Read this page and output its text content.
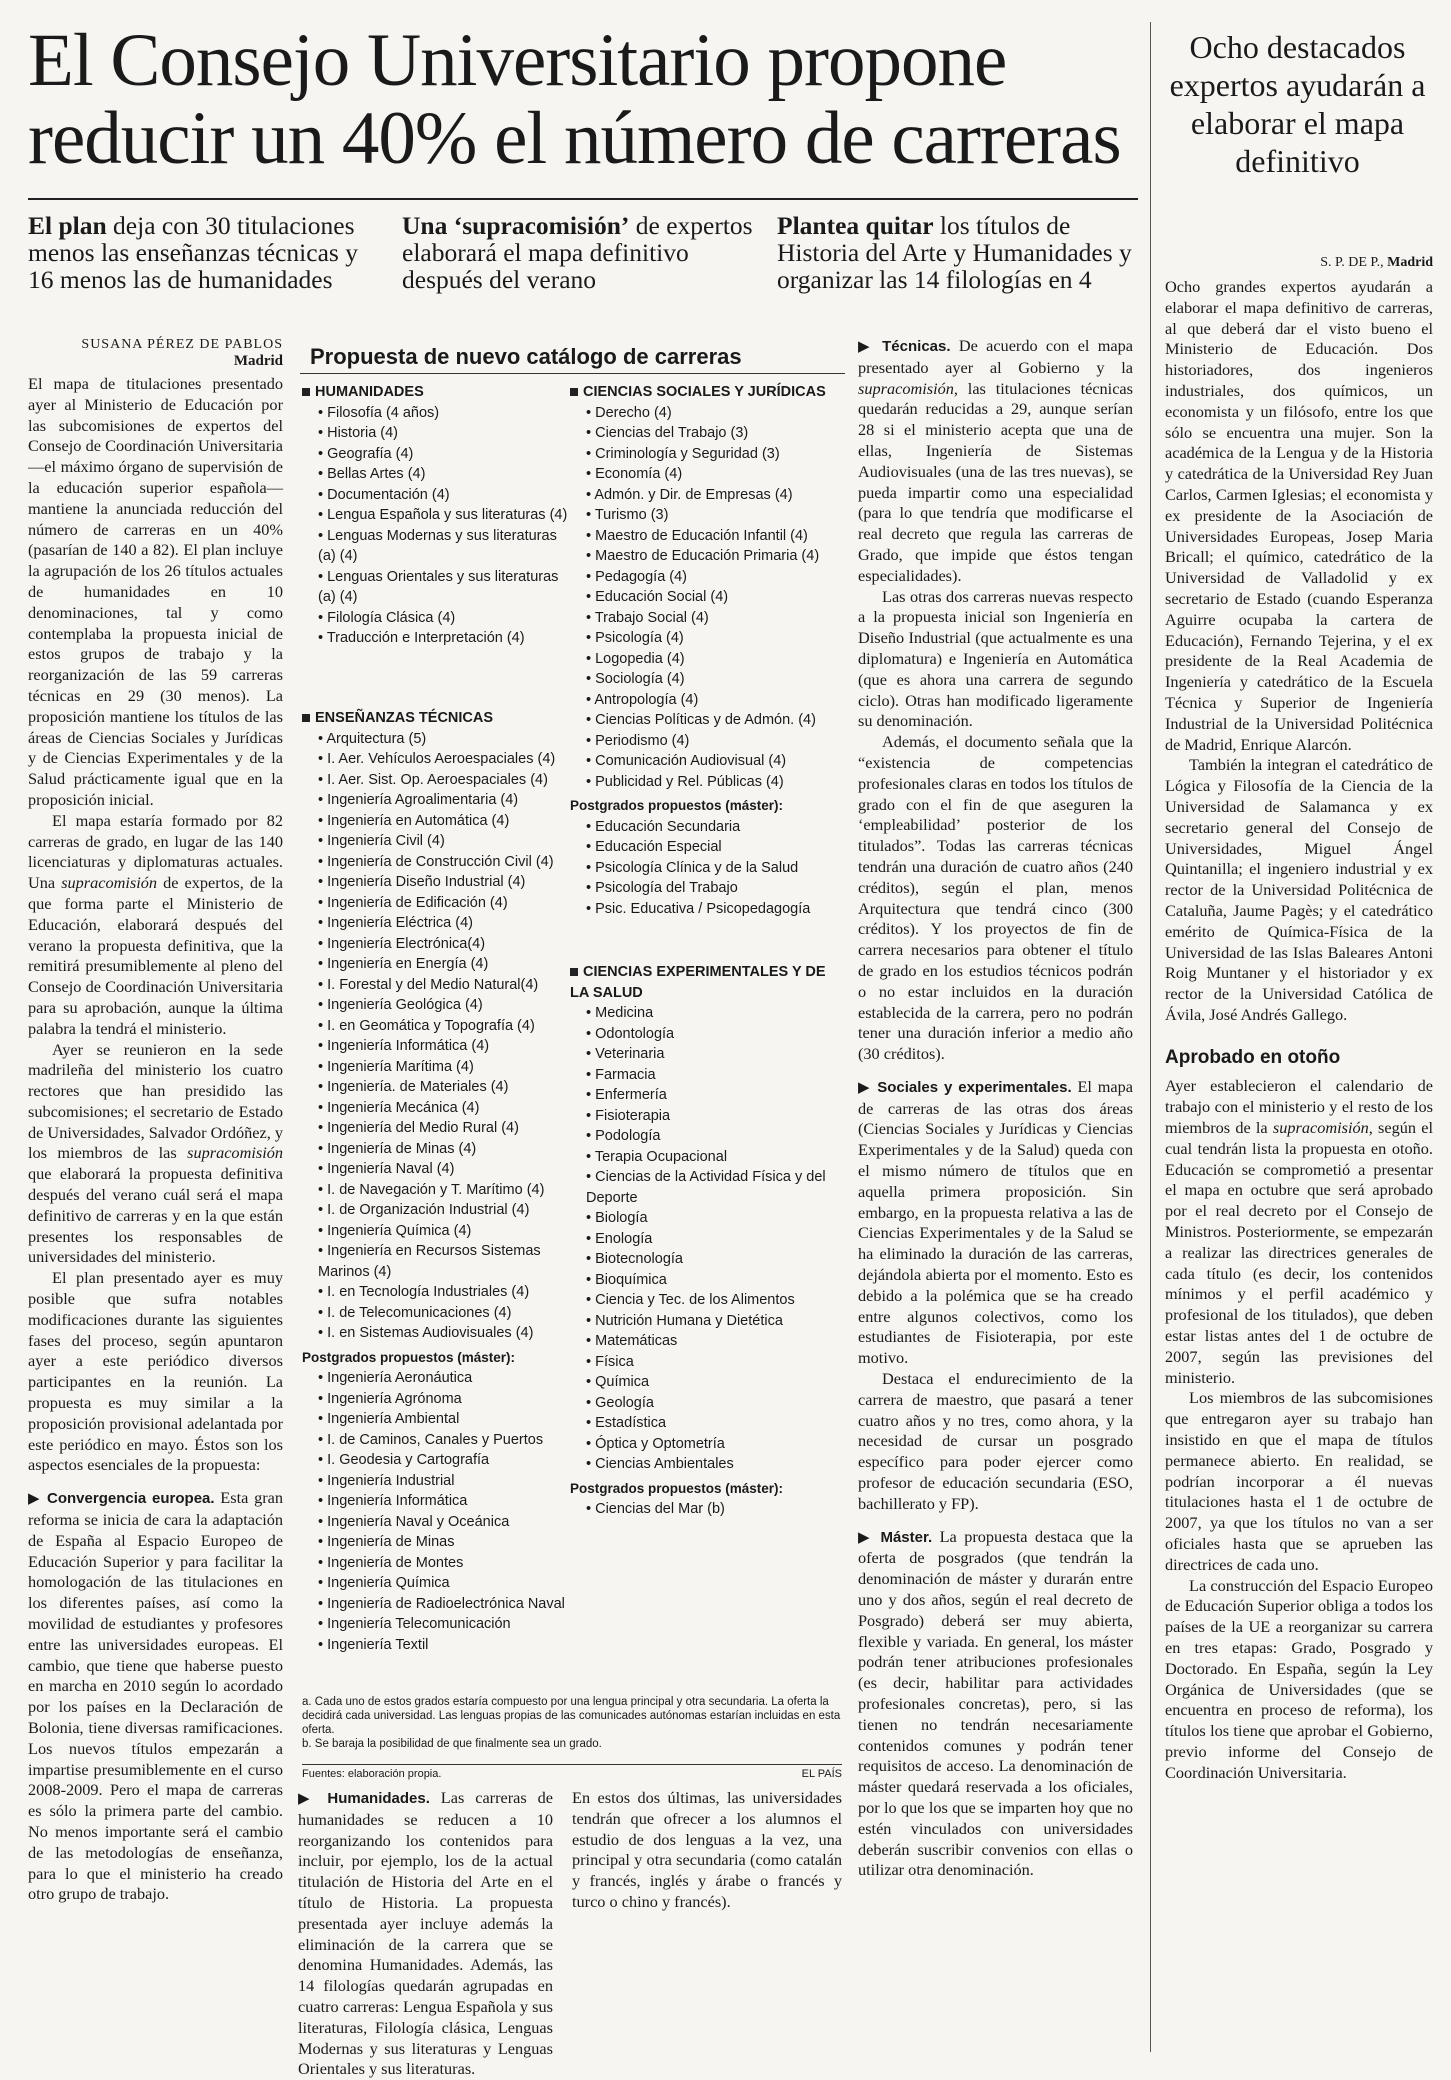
El Consejo Universitario propone reducir un 40% el número de carreras
El plan deja con 30 titulaciones menos las enseñanzas técnicas y 16 menos las de humanidades
Una ‘supracomisión’ de expertos elaborará el mapa definitivo después del verano
Plantea quitar los títulos de Historia del Arte y Humanidades y organizar las 14 filologías en 4
SUSANA PÉREZ DE PABLOS
Madrid

El mapa de titulaciones presentado ayer al Ministerio de Educación por las subcomisiones de expertos del Consejo de Coordinación Universitaria —el máximo órgano de supervisión de la educación superior española— mantiene la anunciada reducción del número de carreras en un 40% (pasarían de 140 a 82). El plan incluye la agrupación de los 26 títulos actuales de humanidades en 10 denominaciones, tal y como contemplaba la propuesta inicial de estos grupos de trabajo y la reorganización de las 59 carreras técnicas en 29 (30 menos). La proposición mantiene los títulos de las áreas de Ciencias Sociales y Jurídicas y de Ciencias Experimentales y de la Salud prácticamente igual que en la proposición inicial.

El mapa estaría formado por 82 carreras de grado, en lugar de las 140 licenciaturas y diplomaturas actuales. Una supracomisión de expertos, de la que forma parte el Ministerio de Educación, elaborará después del verano la propuesta definitiva, que la remitirá presumiblemente al pleno del Consejo de Coordinación Universitaria para su aprobación, aunque la última palabra la tendrá el ministerio.

Ayer se reunieron en la sede madrileña del ministerio los cuatro rectores que han presidido las subcomisiones; el secretario de Estado de Universidades, Salvador Ordóñez, y los miembros de las supracomisión que elaborará la propuesta definitiva después del verano cuál será el mapa definitivo de carreras y en la que están presentes los responsables de universidades del ministerio.

El plan presentado ayer es muy posible que sufra notables modificaciones durante las siguientes fases del proceso, según apuntaron ayer a este periódico diversos participantes en la reunión. La propuesta es muy similar a la proposición provisional adelantada por este periódico en mayo. Éstos son los aspectos esenciales de la propuesta:

▶ Convergencia europea. Esta gran reforma se inicia de cara la adaptación de España al Espacio Europeo de Educación Superior y para facilitar la homologación de las titulaciones en los diferentes países, así como la movilidad de estudiantes y profesores entre las universidades europeas. El cambio, que tiene que haberse puesto en marcha en 2010 según lo acordado por los países en la Declaración de Bolonia, tiene diversas ramificaciones. Los nuevos títulos empezarán a impartise presumiblemente en el curso 2008-2009. Pero el mapa de carreras es sólo la primera parte del cambio. No menos importante será el cambio de las metodologías de enseñanza, para lo que el ministerio ha creado otro grupo de trabajo.

Propuesta de nuevo catálogo de carreras
HUMANIDADES
• Filosofía (4 años)
• Historia (4)
• Geografía (4)
• Bellas Artes (4)
• Documentación (4)
• Lengua Española y sus literaturas (4)
• Lenguas Modernas y sus literaturas (a) (4)
• Lenguas Orientales y sus literaturas (a) (4)
• Filología Clásica (4)
• Traducción e Interpretación (4)
ENSEÑANZAS TÉCNICAS
• Arquitectura (5)
• I. Aer. Vehículos Aeroespaciales (4)
• I. Aer. Sist. Op. Aeroespaciales (4)
• Ingeniería Agroalimentaria (4)
• Ingeniería en Automática (4)
• Ingeniería Civil (4)
• Ingeniería de Construcción Civil (4)
• Ingeniería Diseño Industrial (4)
• Ingeniería de Edificación (4)
• Ingeniería Eléctrica (4)
• Ingeniería Electrónica(4)
• Ingeniería en Energía (4)
• I. Forestal y del Medio Natural(4)
• Ingeniería Geológica (4)
• I. en Geomática y Topografía (4)
• Ingeniería Informática (4)
• Ingeniería Marítima (4)
• Ingeniería. de Materiales (4)
• Ingeniería Mecánica (4)
• Ingeniería del Medio Rural (4)
• Ingeniería de Minas (4)
• Ingeniería Naval (4)
• I. de Navegación y T. Marítimo (4)
• I. de Organización Industrial (4)
• Ingeniería Química (4)
• Ingeniería en Recursos Sistemas Marinos (4)
• I. en Tecnología Industriales (4)
• I. de Telecomunicaciones (4)
• I. en Sistemas Audiovisuales (4)
Postgrados propuestos (máster):
• Ingeniería Aeronáutica
• Ingeniería Agrónoma
• Ingeniería Ambiental
• I. de Caminos, Canales y Puertos
• I. Geodesia y Cartografía
• Ingeniería Industrial
• Ingeniería Informática
• Ingeniería Naval y Oceánica
• Ingeniería de Minas
• Ingeniería de Montes
• Ingeniería Química
• Ingeniería de Radioelectrónica Naval
• Ingeniería Telecomunicación
• Ingeniería Textil
CIENCIAS SOCIALES Y JURÍDICAS
• Derecho (4)
• Ciencias del Trabajo (3)
• Criminología y Seguridad (3)
• Economía (4)
• Admón. y Dir. de Empresas (4)
• Turismo (3)
• Maestro de Educación Infantil (4)
• Maestro de Educación Primaria (4)
• Pedagogía (4)
• Educación Social (4)
• Trabajo Social (4)
• Psicología (4)
• Logopedia (4)
• Sociología (4)
• Antropología (4)
• Ciencias Políticas y de Admón. (4)
• Periodismo (4)
• Comunicación Audiovisual (4)
• Publicidad y Rel. Públicas (4)
Postgrados propuestos (máster):
• Educación Secundaria
• Educación Especial
• Psicología Clínica y de la Salud
• Psicología del Trabajo
• Psic. Educativa / Psicopedagogía
CIENCIAS EXPERIMENTALES Y DE LA SALUD
• Medicina
• Odontología
• Veterinaria
• Farmacia
• Enfermería
• Fisioterapia
• Podología
• Terapia Ocupacional
• Ciencias de la Actividad Física y del Deporte
• Biología
• Enología
• Biotecnología
• Bioquímica
• Ciencia y Tec. de los Alimentos
• Nutrición Humana y Dietética
• Matemáticas
• Física
• Química
• Geología
• Estadística
• Óptica y Optometría
• Ciencias Ambientales
Postgrados propuestos (máster):
• Ciencias del Mar (b)
a. Cada uno de estos grados estaría compuesto por una lengua principal y otra secundaria. La oferta la decidirá cada universidad. Las lenguas propias de las comunicades autónomas estarían incluidas en esta oferta.
b. Se baraja la posibilidad de que finalmente sea un grado.
Fuentes: elaboración propia.	EL PAÍS

▶ Humanidades. Las carreras de humanidades se reducen a 10 reorganizando los contenidos para incluir, por ejemplo, los de la actual titulación de Historia del Arte en el título de Historia. La propuesta presentada ayer incluye además la eliminación de la carrera que se denomina Humanidades. Además, las 14 filologías quedarán agrupadas en cuatro carreras: Lengua Española y sus literaturas, Filología clásica, Lenguas Modernas y sus literaturas y Lenguas Orientales y sus literaturas.

En estos dos últimas, las universidades tendrán que ofrecer a los alumnos el estudio de dos lenguas a la vez, una principal y otra secundaria (como catalán y francés, inglés y árabe o francés y turco o chino y francés).

▶ Técnicas. De acuerdo con el mapa presentado ayer al Gobierno y la supracomisión, las titulaciones técnicas quedarán reducidas a 29, aunque serían 28 si el ministerio acepta que una de ellas, Ingeniería de Sistemas Audiovisuales (una de las tres nuevas), se pueda impartir como una especialidad (para lo que tendría que modificarse el real decreto que regula las carreras de Grado, que impide que éstos tengan especialidades).

Las otras dos carreras nuevas respecto a la propuesta inicial son Ingeniería en Diseño Industrial (que actualmente es una diplomatura) e Ingeniería en Automática (que es ahora una carrera de segundo ciclo). Otras han modificado ligeramente su denominación.

Además, el documento señala que la “existencia de competencias profesionales claras en todos los títulos de grado con el fin de que aseguren la ‘empleabilidad’ posterior de los titulados”. Todas las carreras técnicas tendrán una duración de cuatro años (240 créditos), según el plan, menos Arquitectura que tendrá cinco (300 créditos). Y los proyectos de fin de carrera necesarios para obtener el título de grado en los estudios técnicos podrán o no estar incluidos en la duración establecida de la carrera, pero no podrán tener una duración inferior a medio año (30 créditos).

▶ Sociales y experimentales. El mapa de carreras de las otras dos áreas (Ciencias Sociales y Jurídicas y Ciencias Experimentales y de la Salud) queda con el mismo número de títulos que en aquella primera proposición. Sin embargo, en la propuesta relativa a las de Ciencias Experimentales y de la Salud se ha eliminado la duración de las carreras, dejándola abierta por el momento. Esto es debido a la polémica que se ha creado entre algunos colectivos, como los estudiantes de Fisioterapia, por este motivo.

Destaca el endurecimiento de la carrera de maestro, que pasará a tener cuatro años y no tres, como ahora, y la necesidad de cursar un posgrado específico para poder ejercer como profesor de educación secundaria (ESO, bachillerato y FP).

▶ Máster. La propuesta destaca que la oferta de posgrados (que tendrán la denominación de máster y durarán entre uno y dos años, según el real decreto de Posgrado) deberá ser muy abierta, flexible y variada. En general, los máster podrán tener atribuciones profesionales (es decir, habilitar para actividades profesionales concretas), pero, si las tienen no tendrán necesariamente contenidos comunes y podrán tener requisitos de acceso. La denominación de máster quedará reservada a los oficiales, por lo que los que se imparten hoy que no estén vinculados con universidades deberán suscribir convenios con ellas o utilizar otra denominación.

Ocho destacados expertos ayudarán a elaborar el mapa definitivo
S. P. DE P., Madrid

Ocho grandes expertos ayudarán a elaborar el mapa definitivo de carreras, al que deberá dar el visto bueno el Ministerio de Educación. Dos historiadores, dos ingenieros industriales, dos químicos, un economista y un filósofo, entre los que sólo se encuentra una mujer. Son la académica de la Lengua y de la Historia y catedrática de la Universidad Rey Juan Carlos, Carmen Iglesias; el economista y ex presidente de la Asociación de Universidades Europeas, Josep Maria Bricall; el químico, catedrático de la Universidad de Valladolid y ex secretario de Estado (cuando Esperanza Aguirre ocupaba la cartera de Educación), Fernando Tejerina, y el ex presidente de la Real Academia de Ingeniería y catedrático de la Escuela Técnica y Superior de Ingeniería Industrial de la Universidad Politécnica de Madrid, Enrique Alarcón.

También la integran el catedrático de Lógica y Filosofía de la Ciencia de la Universidad de Salamanca y ex secretario general del Consejo de Universidades, Miguel Ángel Quintanilla; el ingeniero industrial y ex rector de la Universidad Politécnica de Cataluña, Jaume Pagès; y el catedrático emérito de Química-Física de la Universidad de las Islas Baleares Antoni Roig Muntaner y el historiador y ex rector de la Universidad Católica de Ávila, José Andrés Gallego.

Aprobado en otoño

Ayer establecieron el calendario de trabajo con el ministerio y el resto de los miembros de la supracomisión, según el cual tendrán lista la propuesta en otoño. Educación se comprometió a presentar el mapa en octubre que será aprobado por el real decreto por el Consejo de Ministros. Posteriormente, se empezarán a realizar las directrices generales de cada título (es decir, los contenidos mínimos y el perfil académico y profesional de los titulados), que deben estar listas antes del 1 de octubre de 2007, según las previsiones del ministerio.

Los miembros de las subcomisiones que entregaron ayer su trabajo han insistido en que el mapa de títulos permanece abierto. En realidad, se podrían incorporar a él nuevas titulaciones hasta el 1 de octubre de 2007, ya que los títulos no van a ser oficiales hasta que se aprueben las directrices de cada uno.

La construcción del Espacio Europeo de Educación Superior obliga a todos los países de la UE a reorganizar su carrera en tres etapas: Grado, Posgrado y Doctorado. En España, según la Ley Orgánica de Universidades (que se encuentra en proceso de reforma), los títulos los tiene que aprobar el Gobierno, previo informe del Consejo de Coordinación Universitaria.
